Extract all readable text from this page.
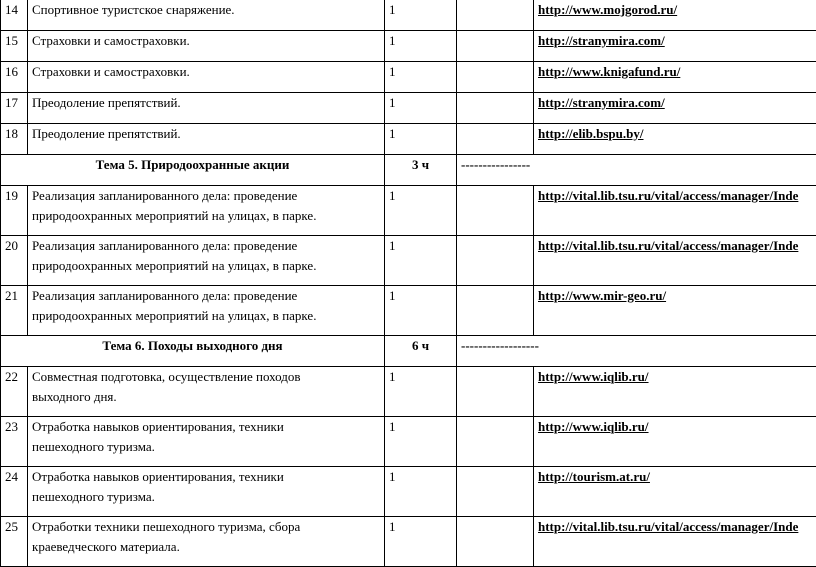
14	Спортивное туристское снаряжение.	1		http://www.mojgorod.ru/
15	Страховки и самостраховки.	1		http://stranymira.com/
16	Страховки и самостраховки.	1		http://www.knigafund.ru/
17	Преодоление препятствий.	1		http://stranymira.com/
18	Преодоление препятствий.	1		http://elib.bspu.by/
Тема 5. Природоохранные акции		3 ч	----------------	
19	Реализация запланированного дела: проведение
природоохранных мероприятий на улицах, в парке.	1		http://vital.lib.tsu.ru/vital/access/manager/Inde
20	Реализация запланированного дела: проведение
природоохранных мероприятий на улицах, в парке.	1		http://vital.lib.tsu.ru/vital/access/manager/Inde
21	Реализация запланированного дела: проведение
природоохранных мероприятий на улицах, в парке.	1		http://www.mir-geo.ru/
Тема 6. Походы выходного дня		6 ч	------------------	
22	Совместная подготовка, осуществление походов
выходного дня.	1		http://www.iqlib.ru/
23	Отработка навыков ориентирования, техники
пешеходного туризма.	1		http://www.iqlib.ru/
24	Отработка навыков ориентирования, техники
пешеходного туризма.	1		http://tourism.at.ru/
25	Отработки техники пешеходного туризма, сбора
краеведческого материала.	1		http://vital.lib.tsu.ru/vital/access/manager/Inde
